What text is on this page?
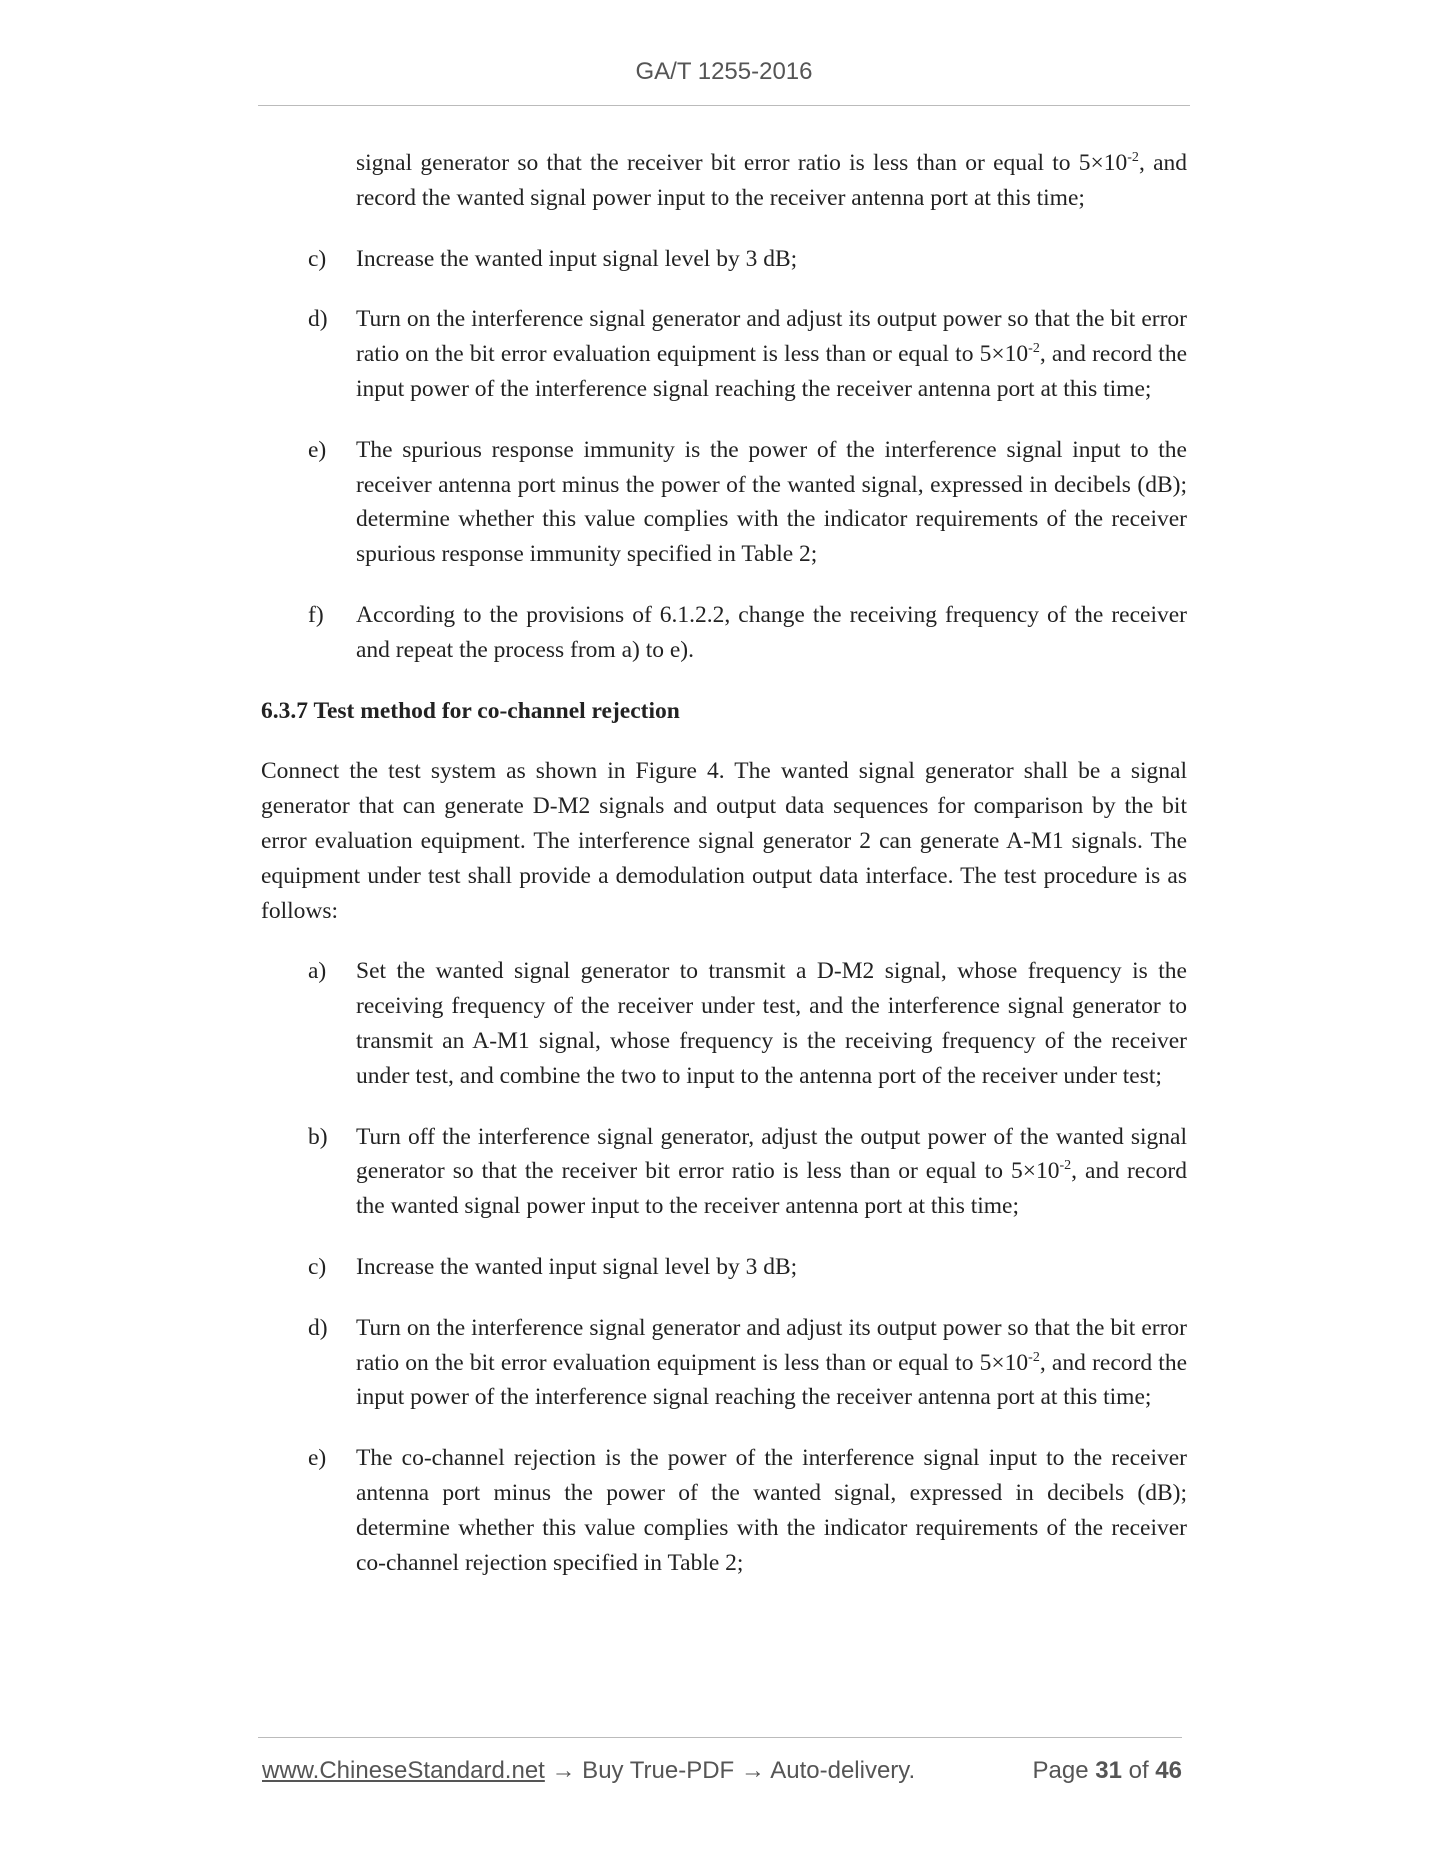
GA/T 1255-2016
signal generator so that the receiver bit error ratio is less than or equal to $5\times 10^{-2}$, and record the wanted signal power input to the receiver antenna port at this time;
c) Increase the wanted input signal level by 3 dB;
d) Turn on the interference signal generator and adjust its output power so that the bit error ratio on the bit error evaluation equipment is less than or equal to $5\times 10^{-2}$, and record the input power of the interference signal reaching the receiver antenna port at this time;
e) The spurious response immunity is the power of the interference signal input to the receiver antenna port minus the power of the wanted signal, expressed in decibels (dB); determine whether this value complies with the indicator requirements of the receiver spurious response immunity specified in Table 2;
f) According to the provisions of 6.1.2.2, change the receiving frequency of the receiver and repeat the process from a) to e).
6.3.7 Test method for co-channel rejection
Connect the test system as shown in Figure 4. The wanted signal generator shall be a signal generator that can generate D-M2 signals and output data sequences for comparison by the bit error evaluation equipment. The interference signal generator 2 can generate A-M1 signals. The equipment under test shall provide a demodulation output data interface. The test procedure is as follows:
a) Set the wanted signal generator to transmit a D-M2 signal, whose frequency is the receiving frequency of the receiver under test, and the interference signal generator to transmit an A-M1 signal, whose frequency is the receiving frequency of the receiver under test, and combine the two to input to the antenna port of the receiver under test;
b) Turn off the interference signal generator, adjust the output power of the wanted signal generator so that the receiver bit error ratio is less than or equal to $5\times 10^{-2}$, and record the wanted signal power input to the receiver antenna port at this time;
c) Increase the wanted input signal level by 3 dB;
d) Turn on the interference signal generator and adjust its output power so that the bit error ratio on the bit error evaluation equipment is less than or equal to $5\times 10^{-2}$, and record the input power of the interference signal reaching the receiver antenna port at this time;
e) The co-channel rejection is the power of the interference signal input to the receiver antenna port minus the power of the wanted signal, expressed in decibels (dB); determine whether this value complies with the indicator requirements of the receiver co-channel rejection specified in Table 2;
www.ChineseStandard.net → Buy True-PDF → Auto-delivery.	Page 31 of 46
